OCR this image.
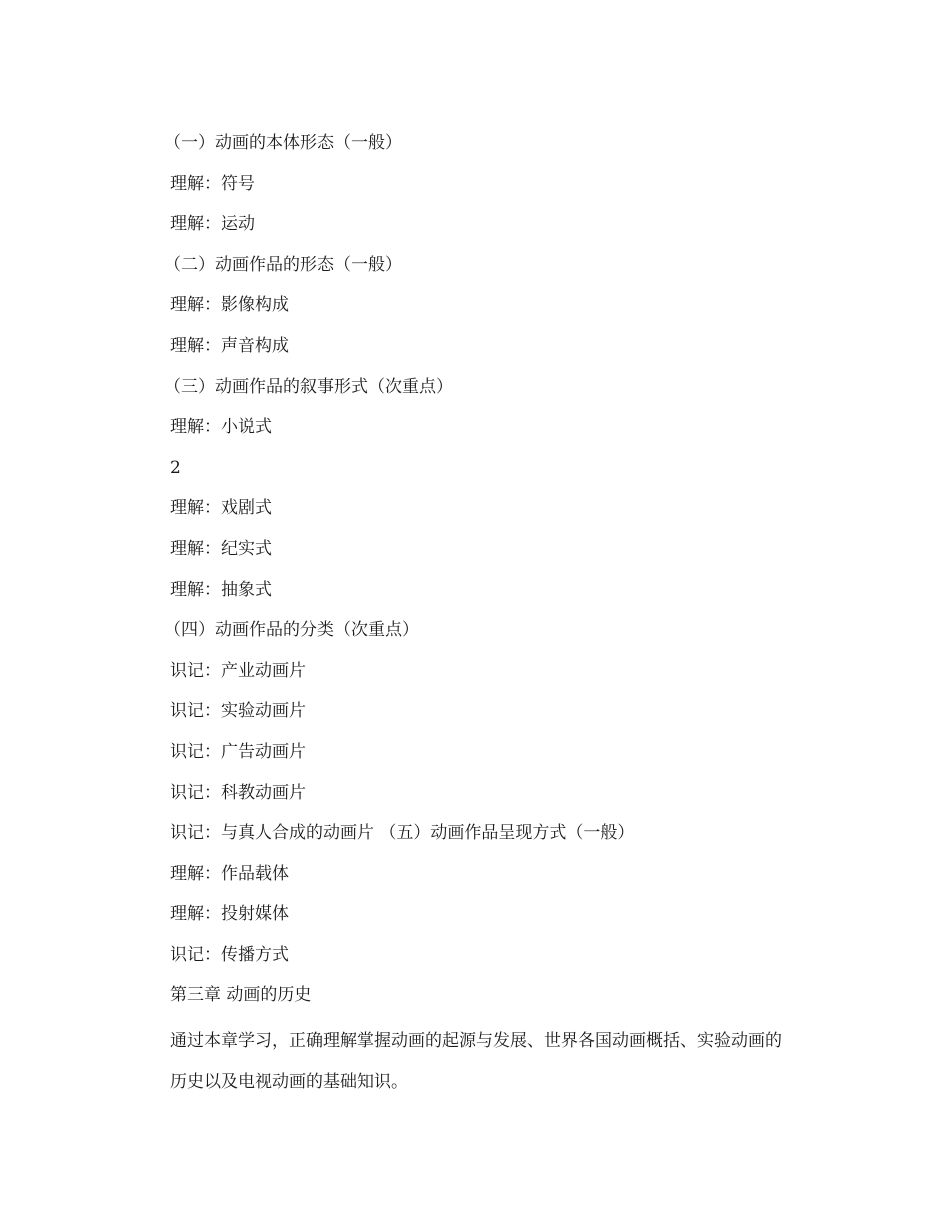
（一）动画的本体形态（一般）
理解：符号
理解：运动
（二）动画作品的形态（一般）
理解：影像构成
理解：声音构成
（三）动画作品的叙事形式（次重点）
理解：小说式
2
理解：戏剧式
理解：纪实式
理解：抽象式
（四）动画作品的分类（次重点）
识记：产业动画片
识记：实验动画片
识记：广告动画片
识记：科教动画片
识记：与真人合成的动画片 （五）动画作品呈现方式（一般）
理解：作品载体
理解：投射媒体
识记：传播方式
第三章 动画的历史
通过本章学习，正确理解掌握动画的起源与发展、世界各国动画概括、实验动画的历史以及电视动画的基础知识。
